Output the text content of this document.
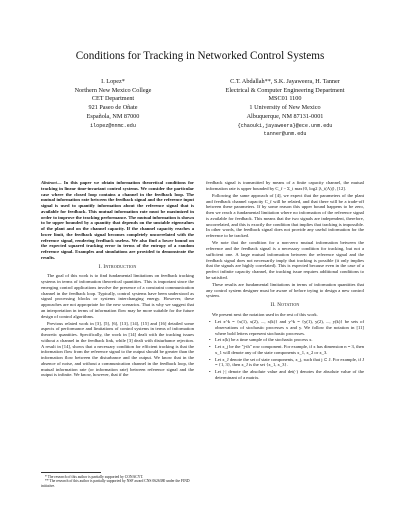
Conditions for Tracking in Networked Control Systems
I. Lopez*
Northern New Mexico College
CET Department
921 Paseo de Oñate
Española, NM 87000
ilopez@nnmc.edu
C.T. Abdallah**, S.K. Jayaweera, H. Tanner
Electrical & Computer Engineering Department
MSC01 1100
1 University of New Mexico
Albuquerque, NM 87131-0001
{chaouki,jayaweera}@ece.unm.edu
tanner@unm.edu

Abstract— In this paper we obtain information theoretical conditions for tracking in linear time-invariant control systems. We consider the particular case where the closed loop contains a channel in the feedback loop. The mutual information rate between the feedback signal and the reference input signal is used to quantify information about the reference signal that is available for feedback. This mutual information rate must be maximized in order to improve the tracking performance. The mutual information is shown to be upper bounded by a quantity that depends on the unstable eigenvalues of the plant and on the channel capacity. If the channel capacity reaches a lower limit, the feedback signal becomes completely uncorrelated with the reference signal, rendering feedback useless. We also find a lower bound on the expected squared tracking error in terms of the entropy of a random reference signal. Examples and simulations are provided to demonstrate the results.

I. Introduction

The goal of this work is to find fundamental limitations on feedback tracking systems in terms of information theoretical quantities. This is important since the emerging control applications involve the presence of a constraint communication channel in the feedback loop. Typically, control systems have been understood as signal processing blocks or systems interchanging energy. However, these approaches are not appropriate for the new scenarios. That is why we suggest that an interpretation in terms of information flow may be more suitable for the future design of control algorithms.

Previous related work in [3], [5], [6], [13], [14], [15] and [16] detailed some aspects of performance and limitations of control systems in terms of information theoretic quantities. Specifically, the work in [14] dealt with the tracking issues without a channel in the feedback link, while [3] dealt with disturbance rejection. A result in [14], shows that a necessary condition for efficient tracking is that the information flow from the reference signal to the output should be greater than the information flow between the disturbance and the output. We know that in the absence of noise, and without a communication channel in the feedback loop, the mutual information rate (or information rate) between reference signal and the output is infinite. We know, however, that if the

* The research of this author is partially supported by CONACYT.

** The research of this author is partially supported by NSF award CNS 0626380 under the FIND initiative.

feedback signal is transmitted by means of a finite capacity channel, the mutual information rate is upper bounded by C_f − Σ_i max{0, log2 |λ_i(A)|}, [12].

Following the same approach of [4], we expect that the parameters of the plant and feedback channel capacity C_f will be related, and that there will be a trade-off between these parameters. If by some reason this upper bound happens to be zero, then we reach a fundamental limitation where no information of the reference signal is available for feedback. This means that the two signals are independent, therefore, uncorrelated, and this is exactly the condition that implies that tracking is impossible. In other words, the feedback signal does not provide any useful information for the reference to be tracked.

We note that the condition for a non-zero mutual information between the reference and the feedback signal is a necessary condition for tracking, but not a sufficient one. A large mutual information between the reference signal and the feedback signal does not necessarily imply that tracking is possible (it only implies that the signals are highly correlated). This is expected because even in the case of a perfect infinite capacity channel, the tracking issue requires additional conditions to be satisfied.

These results are fundamental limitations in terms of information quantities that any control system designer must be aware of before trying to design a new control system.

II. Notation

We present next the notation used in the rest of this work.

• Let x^k = {x(1), x(2), ..., x(k)} and y^k = {y(1), y(2), ..., y(k)} be sets of observations of stochastic processes x and y. We follow the notation in [11] where bold letters represent stochastic processes.
• Let x(k) be a time sample of the stochastic process x.
• Let x_j be the "j-th" row component. For example, if x has dimension n = 3, then x_1 will denote any of the state components x_1, x_2 or x_3.
• Let x_J denote the set of state components, x_j, such that j ⊂ J. For example, if J = {1, 3}, then x_J is the set {x_1, x_3}.
• Let |·| denote the absolute value and det(·) denotes the absolute value of the determinant of a matrix.
